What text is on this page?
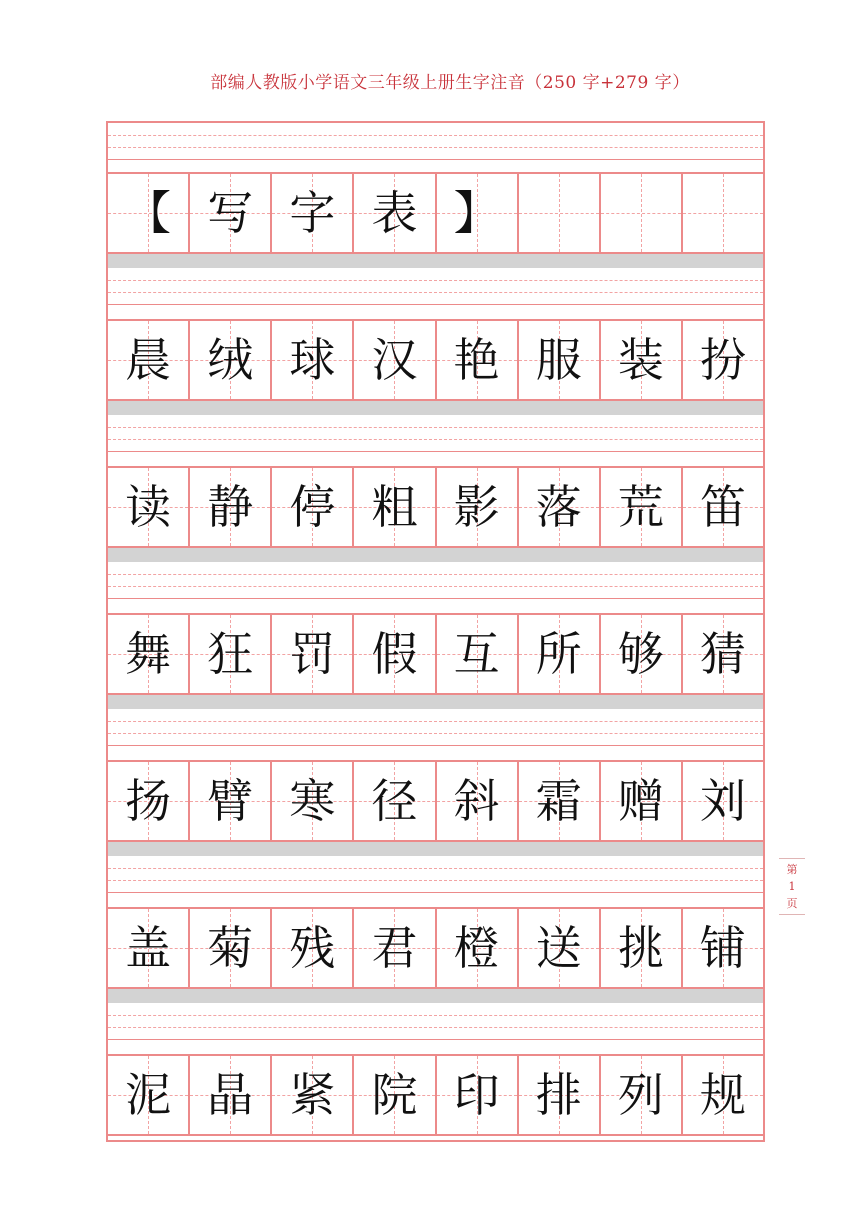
部编人教版小学语文三年级上册生字注音（250 字+279 字）
【 写 字 表 】
晨 绒 球 汉 艳 服 装 扮
读 静 停 粗 影 落 荒 笛
舞 狂 罚 假 互 所 够 猜
扬 臂 寒 径 斜 霜 赠 刘
盖 菊 残 君 橙 送 挑 铺
泥 晶 紧 院 印 排 列 规
第
1
页
